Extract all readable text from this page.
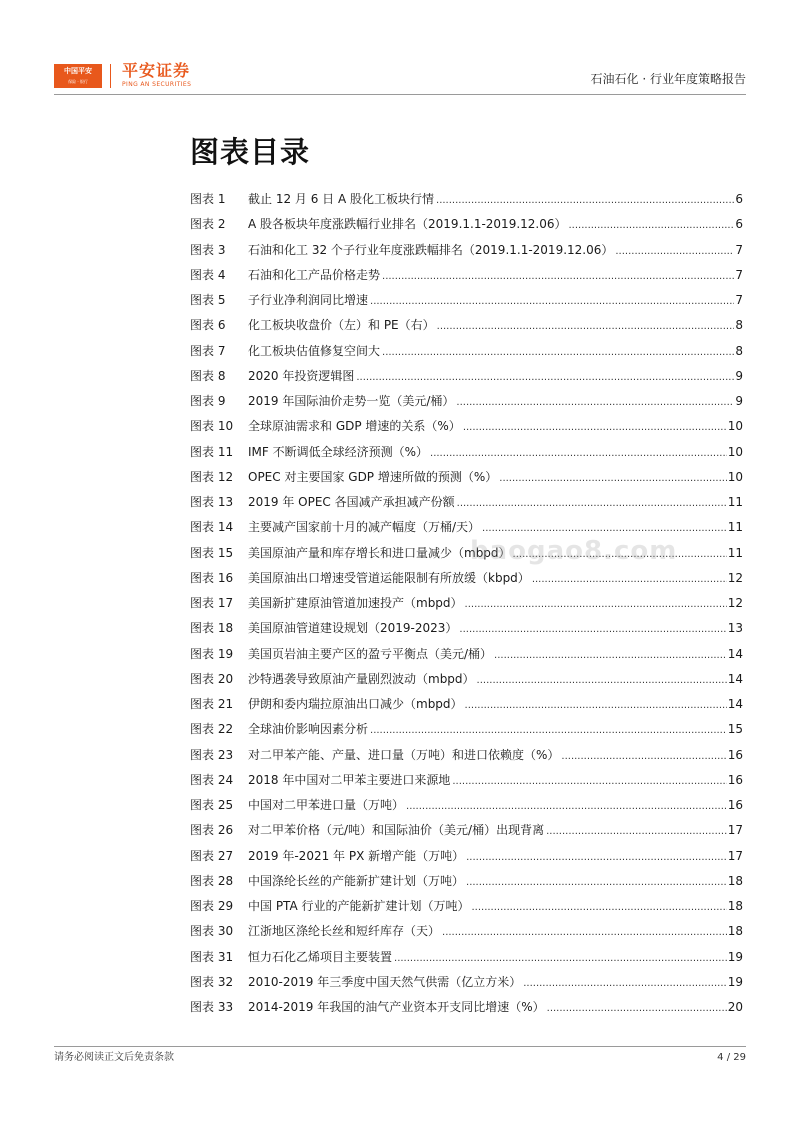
中国平安
保险 · 银行
平安证券
PING AN SECURITIES	石油石化 · 行业年度策略报告
图表目录
图表 1	截止 12 月 6 日 A 股化工板块行情 .....	6
图表 2	A 股各板块年度涨跌幅行业排名（2019.1.1-2019.12.06） .....	6
图表 3	石油和化工 32 个子行业年度涨跌幅排名（2019.1.1-2019.12.06） .....	7
图表 4	石油和化工产品价格走势 .....	7
图表 5	子行业净利润同比增速 .....	7
图表 6	化工板块收盘价（左）和 PE（右） .....	8
图表 7	化工板块估值修复空间大 .....	8
图表 8	2020 年投资逻辑图 .....	9
图表 9	2019 年国际油价走势一览（美元/桶） .....	9
图表 10	全球原油需求和 GDP 增速的关系（%） .....	10
图表 11	IMF 不断调低全球经济预测（%） .....	10
图表 12	OPEC 对主要国家 GDP 增速所做的预测（%） .....	10
图表 13	2019 年 OPEC 各国减产承担减产份额 .....	11
图表 14	主要减产国家前十月的减产幅度（万桶/天） .....	11
图表 15	美国原油产量和库存增长和进口量减少（mbpd） .....	11
图表 16	美国原油出口增速受管道运能限制有所放缓（kbpd） .....	12
图表 17	美国新扩建原油管道加速投产（mbpd） .....	12
图表 18	美国原油管道建设规划（2019-2023） .....	13
图表 19	美国页岩油主要产区的盈亏平衡点（美元/桶） .....	14
图表 20	沙特遇袭导致原油产量剧烈波动（mbpd） .....	14
图表 21	伊朗和委内瑞拉原油出口减少（mbpd） .....	14
图表 22	全球油价影响因素分析 .....	15
图表 23	对二甲苯产能、产量、进口量（万吨）和进口依赖度（%） .....	16
图表 24	2018 年中国对二甲苯主要进口来源地 .....	16
图表 25	中国对二甲苯进口量（万吨） .....	16
图表 26	对二甲苯价格（元/吨）和国际油价（美元/桶）出现背离 .....	17
图表 27	2019 年-2021 年 PX 新增产能（万吨） .....	17
图表 28	中国涤纶长丝的产能新扩建计划（万吨） .....	18
图表 29	中国 PTA 行业的产能新扩建计划（万吨） .....	18
图表 30	江浙地区涤纶长丝和短纤库存（天） .....	18
图表 31	恒力石化乙烯项目主要装置 .....	19
图表 32	2010-2019 年三季度中国天然气供需（亿立方米） .....	19
图表 33	2014-2019 年我国的油气产业资本开支同比增速（%） .....	20
baogao8.com
请务必阅读正文后免责条款	4 / 29
